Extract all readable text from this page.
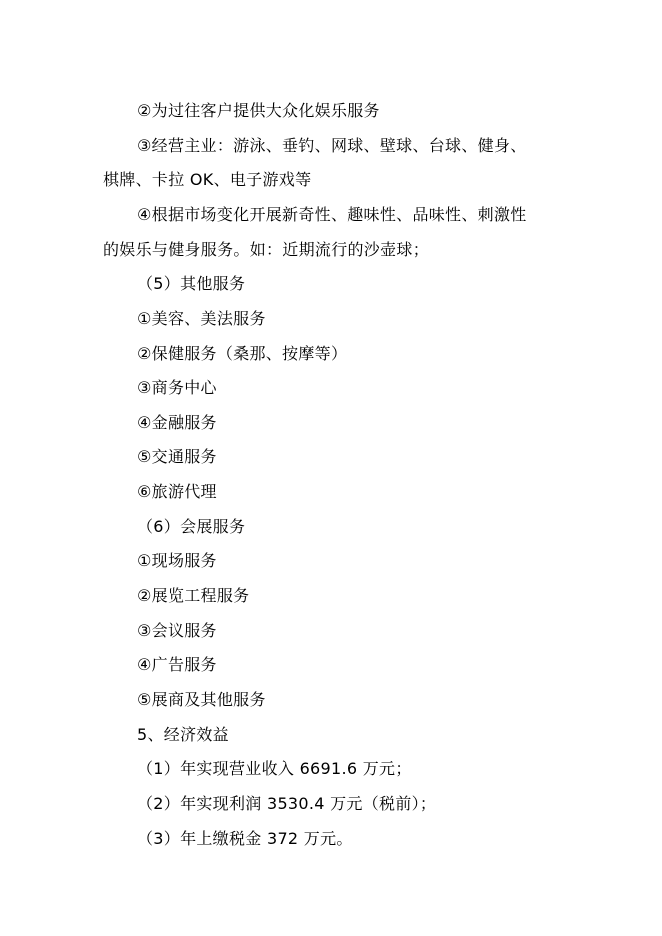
②为过往客户提供大众化娱乐服务
③经营主业：游泳、垂钓、网球、壁球、台球、健身、
棋牌、卡拉 OK、电子游戏等
④根据市场变化开展新奇性、趣味性、品味性、刺激性
的娱乐与健身服务。如：近期流行的沙壶球；
（5）其他服务
①美容、美法服务
②保健服务（桑那、按摩等）
③商务中心
④金融服务
⑤交通服务
⑥旅游代理
（6）会展服务
①现场服务
②展览工程服务
③会议服务
④广告服务
⑤展商及其他服务
5、经济效益
（1）年实现营业收入 6691.6 万元；
（2）年实现利润 3530.4 万元（税前）；
（3）年上缴税金 372 万元。
